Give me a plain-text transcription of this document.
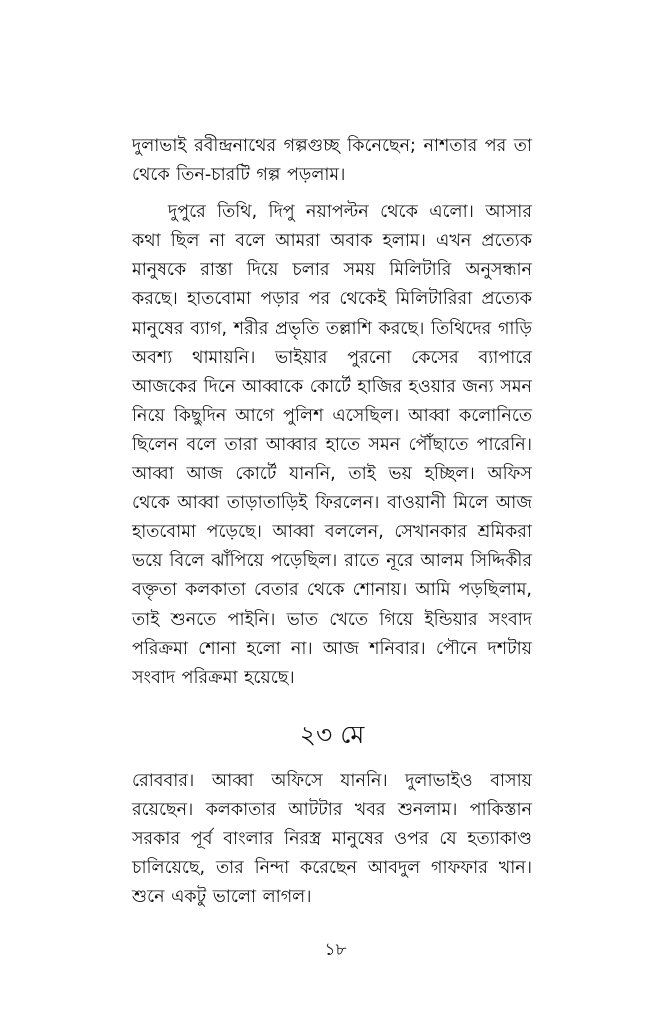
দুলাভাই রবীন্দ্রনাথের গল্পগুচ্ছ কিনেছেন; নাশতার পর তা থেকে তিন-চারটি গল্প পড়লাম।

দুপুরে তিথি, দিপু নয়াপল্টন থেকে এলো। আসার কথা ছিল না বলে আমরা অবাক হলাম। এখন প্রত্যেক মানুষকে রাস্তা দিয়ে চলার সময় মিলিটারি অনুসন্ধান করছে। হাতবোমা পড়ার পর থেকেই মিলিটারিরা প্রত্যেক মানুষের ব্যাগ, শরীর প্রভৃতি তল্লাশি করছে। তিথিদের গাড়ি অবশ্য থামায়নি। ভাইয়ার পুরনো কেসের ব্যাপারে আজকের দিনে আব্বাকে কোর্টে হাজির হওয়ার জন্য সমন নিয়ে কিছুদিন আগে পুলিশ এসেছিল। আব্বা কলোনিতে ছিলেন বলে তারা আব্বার হাতে সমন পৌঁছাতে পারেনি। আব্বা আজ কোর্টে যাননি, তাই ভয় হচ্ছিল। অফিস থেকে আব্বা তাড়াতাড়িই ফিরলেন। বাওয়ানী মিলে আজ হাতবোমা পড়েছে। আব্বা বললেন, সেখানকার শ্রমিকরা ভয়ে বিলে ঝাঁপিয়ে পড়েছিল। রাতে নূরে আলম সিদ্দিকীর বক্তৃতা কলকাতা বেতার থেকে শোনায়। আমি পড়ছিলাম, তাই শুনতে পাইনি। ভাত খেতে গিয়ে ইন্ডিয়ার সংবাদ পরিক্রমা শোনা হলো না। আজ শনিবার। পৌনে দশটায় সংবাদ পরিক্রমা হয়েছে।

২৩ মে

রোববার। আব্বা অফিসে যাননি। দুলাভাইও বাসায় রয়েছেন। কলকাতার আটটার খবর শুনলাম। পাকিস্তান সরকার পূর্ব বাংলার নিরস্ত্র মানুষের ওপর যে হত্যাকাণ্ড চালিয়েছে, তার নিন্দা করেছেন আবদুল গাফফার খান। শুনে একটু ভালো লাগল।

১৮
